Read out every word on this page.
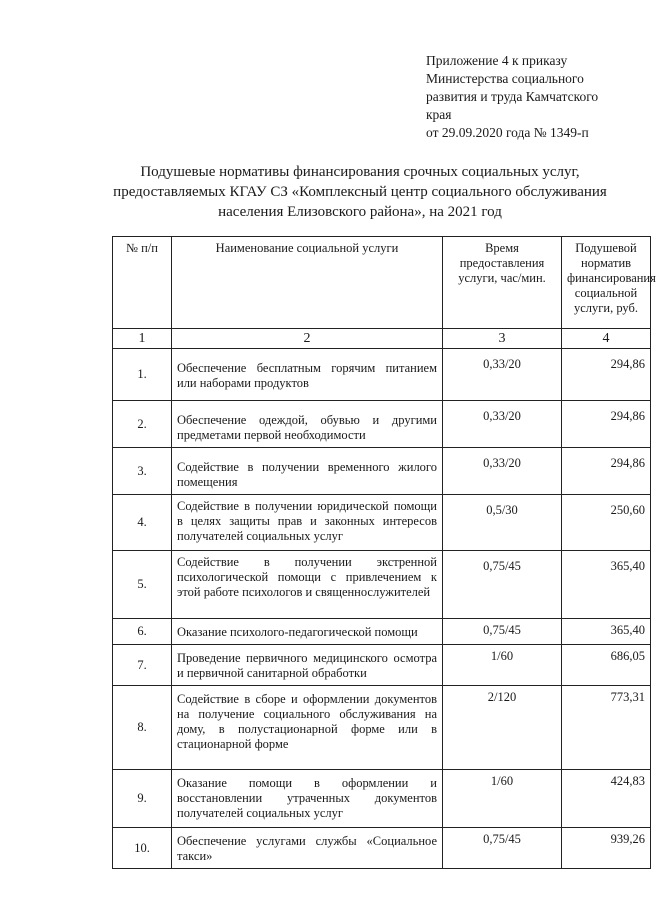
Приложение 4 к приказу
Министерства социального
развития и труда Камчатского
края
от 29.09.2020 года № 1349-п
Подушевые нормативы финансирования срочных социальных услуг,
предоставляемых КГАУ СЗ «Комплексный центр социального обслуживания
населения Елизовского района», на 2021 год
№ п/п	Наименование социальной услуги	Время предоставления услуги, час/мин.	Подушевой норматив финансирования социальной услуги, руб.
1	2	3	4
1.	Обеспечение бесплатным горячим питанием или наборами продуктов	0,33/20	294,86
2.	Обеспечение одеждой, обувью и другими предметами первой необходимости	0,33/20	294,86
3.	Содействие в получении временного жилого помещения	0,33/20	294,86
4.	Содействие в получении юридической помощи в целях защиты прав и законных интересов получателей социальных услуг	0,5/30	250,60
5.	Содействие в получении экстренной психологической помощи с привлечением к этой работе психологов и священнослужителей	0,75/45	365,40
6.	Оказание психолого-педагогической помощи	0,75/45	365,40
7.	Проведение первичного медицинского осмотра и первичной санитарной обработки	1/60	686,05
8.	Содействие в сборе и оформлении документов на получение социального обслуживания на дому, в полустационарной форме или в стационарной форме	2/120	773,31
9.	Оказание помощи в оформлении и восстановлении утраченных документов получателей социальных услуг	1/60	424,83
10.	Обеспечение услугами службы «Социальное такси»	0,75/45	939,26
